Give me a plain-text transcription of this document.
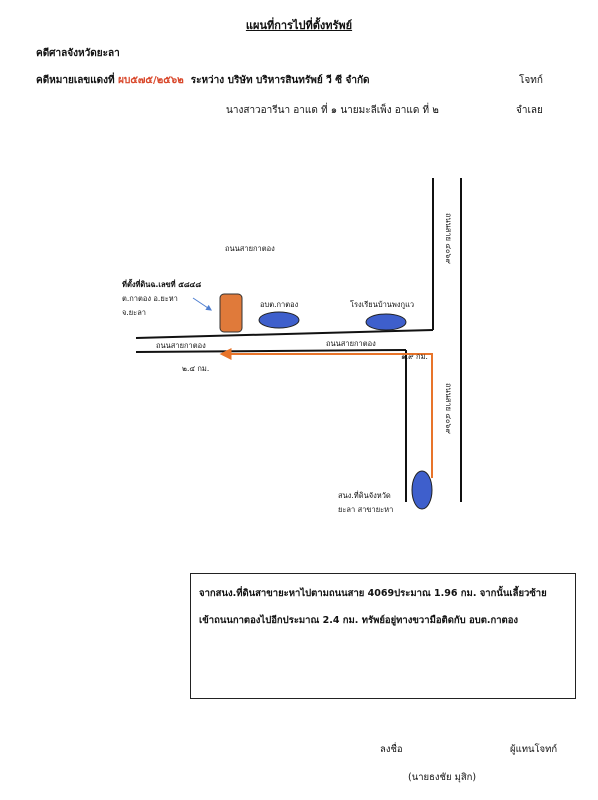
แผนที่การไปที่ตั้งทรัพย์
คดีศาลจังหวัดยะลา
คดีหมายเลขแดงที่ ผบ๕๗๕/๒๕๖๒ ระหว่าง บริษัท บริหารสินทรัพย์ วี ซี จำกัด	โจทก์
นางสาวอารีนา อาแด ที่ ๑ นายมะลีเพ็ง อาแด ที่ ๒	จำเลย
ถนนสายกาตอง
ถนนสายกาตอง
ถนนสายกาตอง
ถนนสาย ๔๐๖๙
ถนนสาย ๔๐๖๙
ที่ตั้งที่ดินฉ.เลขที่ ๕๘๔๘
ต.กาตอง อ.ยะหา
จ.ยะลา
อบต.กาตอง	โรงเรียนบ้านพงกูแว
สนง.ที่ดินจังหวัด
ยะลา สาขายะหา
๑.๙ กม.
๒.๔ กม.

จากสนง.ที่ดินสาขายะหาไปตามถนนสาย 4069ประมาณ 1.96 กม. จากนั้นเลี้ยวซ้าย

เข้าถนนกาตองไปอีกประมาณ 2.4 กม. ทรัพย์อยู่ทางขวามือติดกับ อบต.กาตอง

ลงชื่อ	ผู้แทนโจทก์
(นายธงชัย มุสิก)
